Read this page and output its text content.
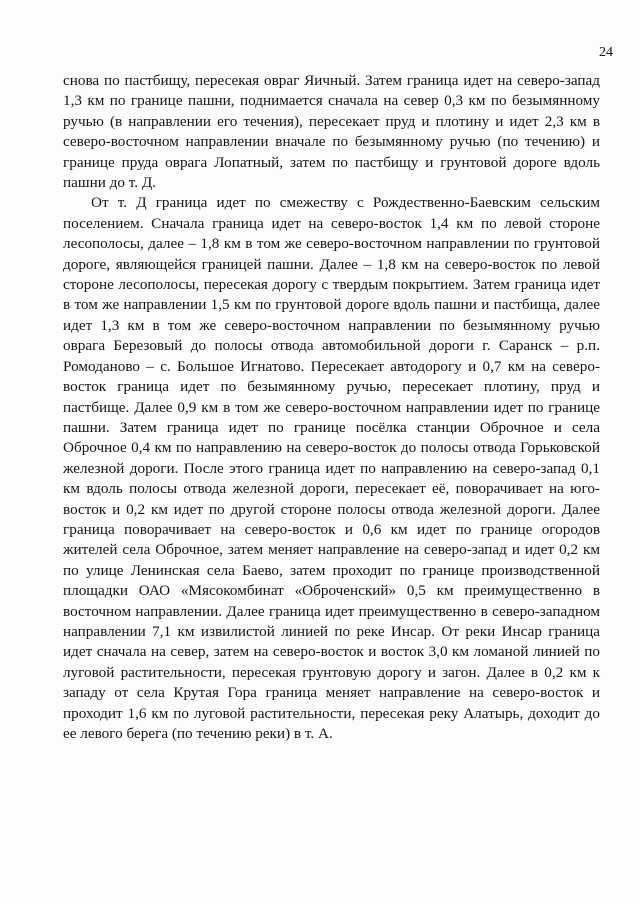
24

снова по пастбищу, пересекая овраг Яичный. Затем граница идет на северо-запад 1,3 км по границе пашни, поднимается сначала на север 0,3 км по безымянному ручью (в направлении его течения), пересекает пруд и плотину и идет 2,3 км в северо-восточном направлении вначале по безымянному ручью (по течению) и границе пруда оврага Лопатный, затем по пастбищу и грунтовой дороге вдоль пашни до т. Д.

От т. Д граница идет по смежеству с Рождественно-Баевским сельским поселением. Сначала граница идет на северо-восток 1,4 км по левой стороне лесополосы, далее – 1,8 км в том же северо-восточном направлении по грунтовой дороге, являющейся границей пашни. Далее – 1,8 км на северо-восток по левой стороне лесополосы, пересекая дорогу с твердым покрытием. Затем граница идет в том же направлении 1,5 км по грунтовой дороге вдоль пашни и пастбища, далее идет 1,3 км в том же северо-восточном направлении по безымянному ручью оврага Березовый до полосы отвода автомобильной дороги г. Саранск – р.п. Ромоданово – с. Большое Игнатово. Пересекает автодорогу и 0,7 км на северо-восток граница идет по безымянному ручью, пересекает плотину, пруд и пастбище. Далее 0,9 км в том же северо-восточном направлении идет по границе пашни. Затем граница идет по границе посёлка станции Оброчное и села Оброчное 0,4 км по направлению на северо-восток до полосы отвода Горьковской железной дороги. После этого граница идет по направлению на северо-запад 0,1 км вдоль полосы отвода железной дороги, пересекает её, поворачивает на юго-восток и 0,2 км идет по другой стороне полосы отвода железной дороги. Далее граница поворачивает на северо-восток и 0,6 км идет по границе огородов жителей села Оброчное, затем меняет направление на северо-запад и идет 0,2 км по улице Ленинская села Баево, затем проходит по границе производственной площадки ОАО «Мясокомбинат «Оброченский» 0,5 км преимущественно в восточном направлении. Далее граница идет преимущественно в северо-западном направлении 7,1 км извилистой линией по реке Инсар. От реки Инсар граница идет сначала на север, затем на северо-восток и восток 3,0 км ломаной линией по луговой растительности, пересекая грунтовую дорогу и загон. Далее в 0,2 км к западу от села Крутая Гора граница меняет направление на северо-восток и проходит 1,6 км по луговой растительности, пересекая реку Алатырь, доходит до ее левого берега (по течению реки) в т. А.
